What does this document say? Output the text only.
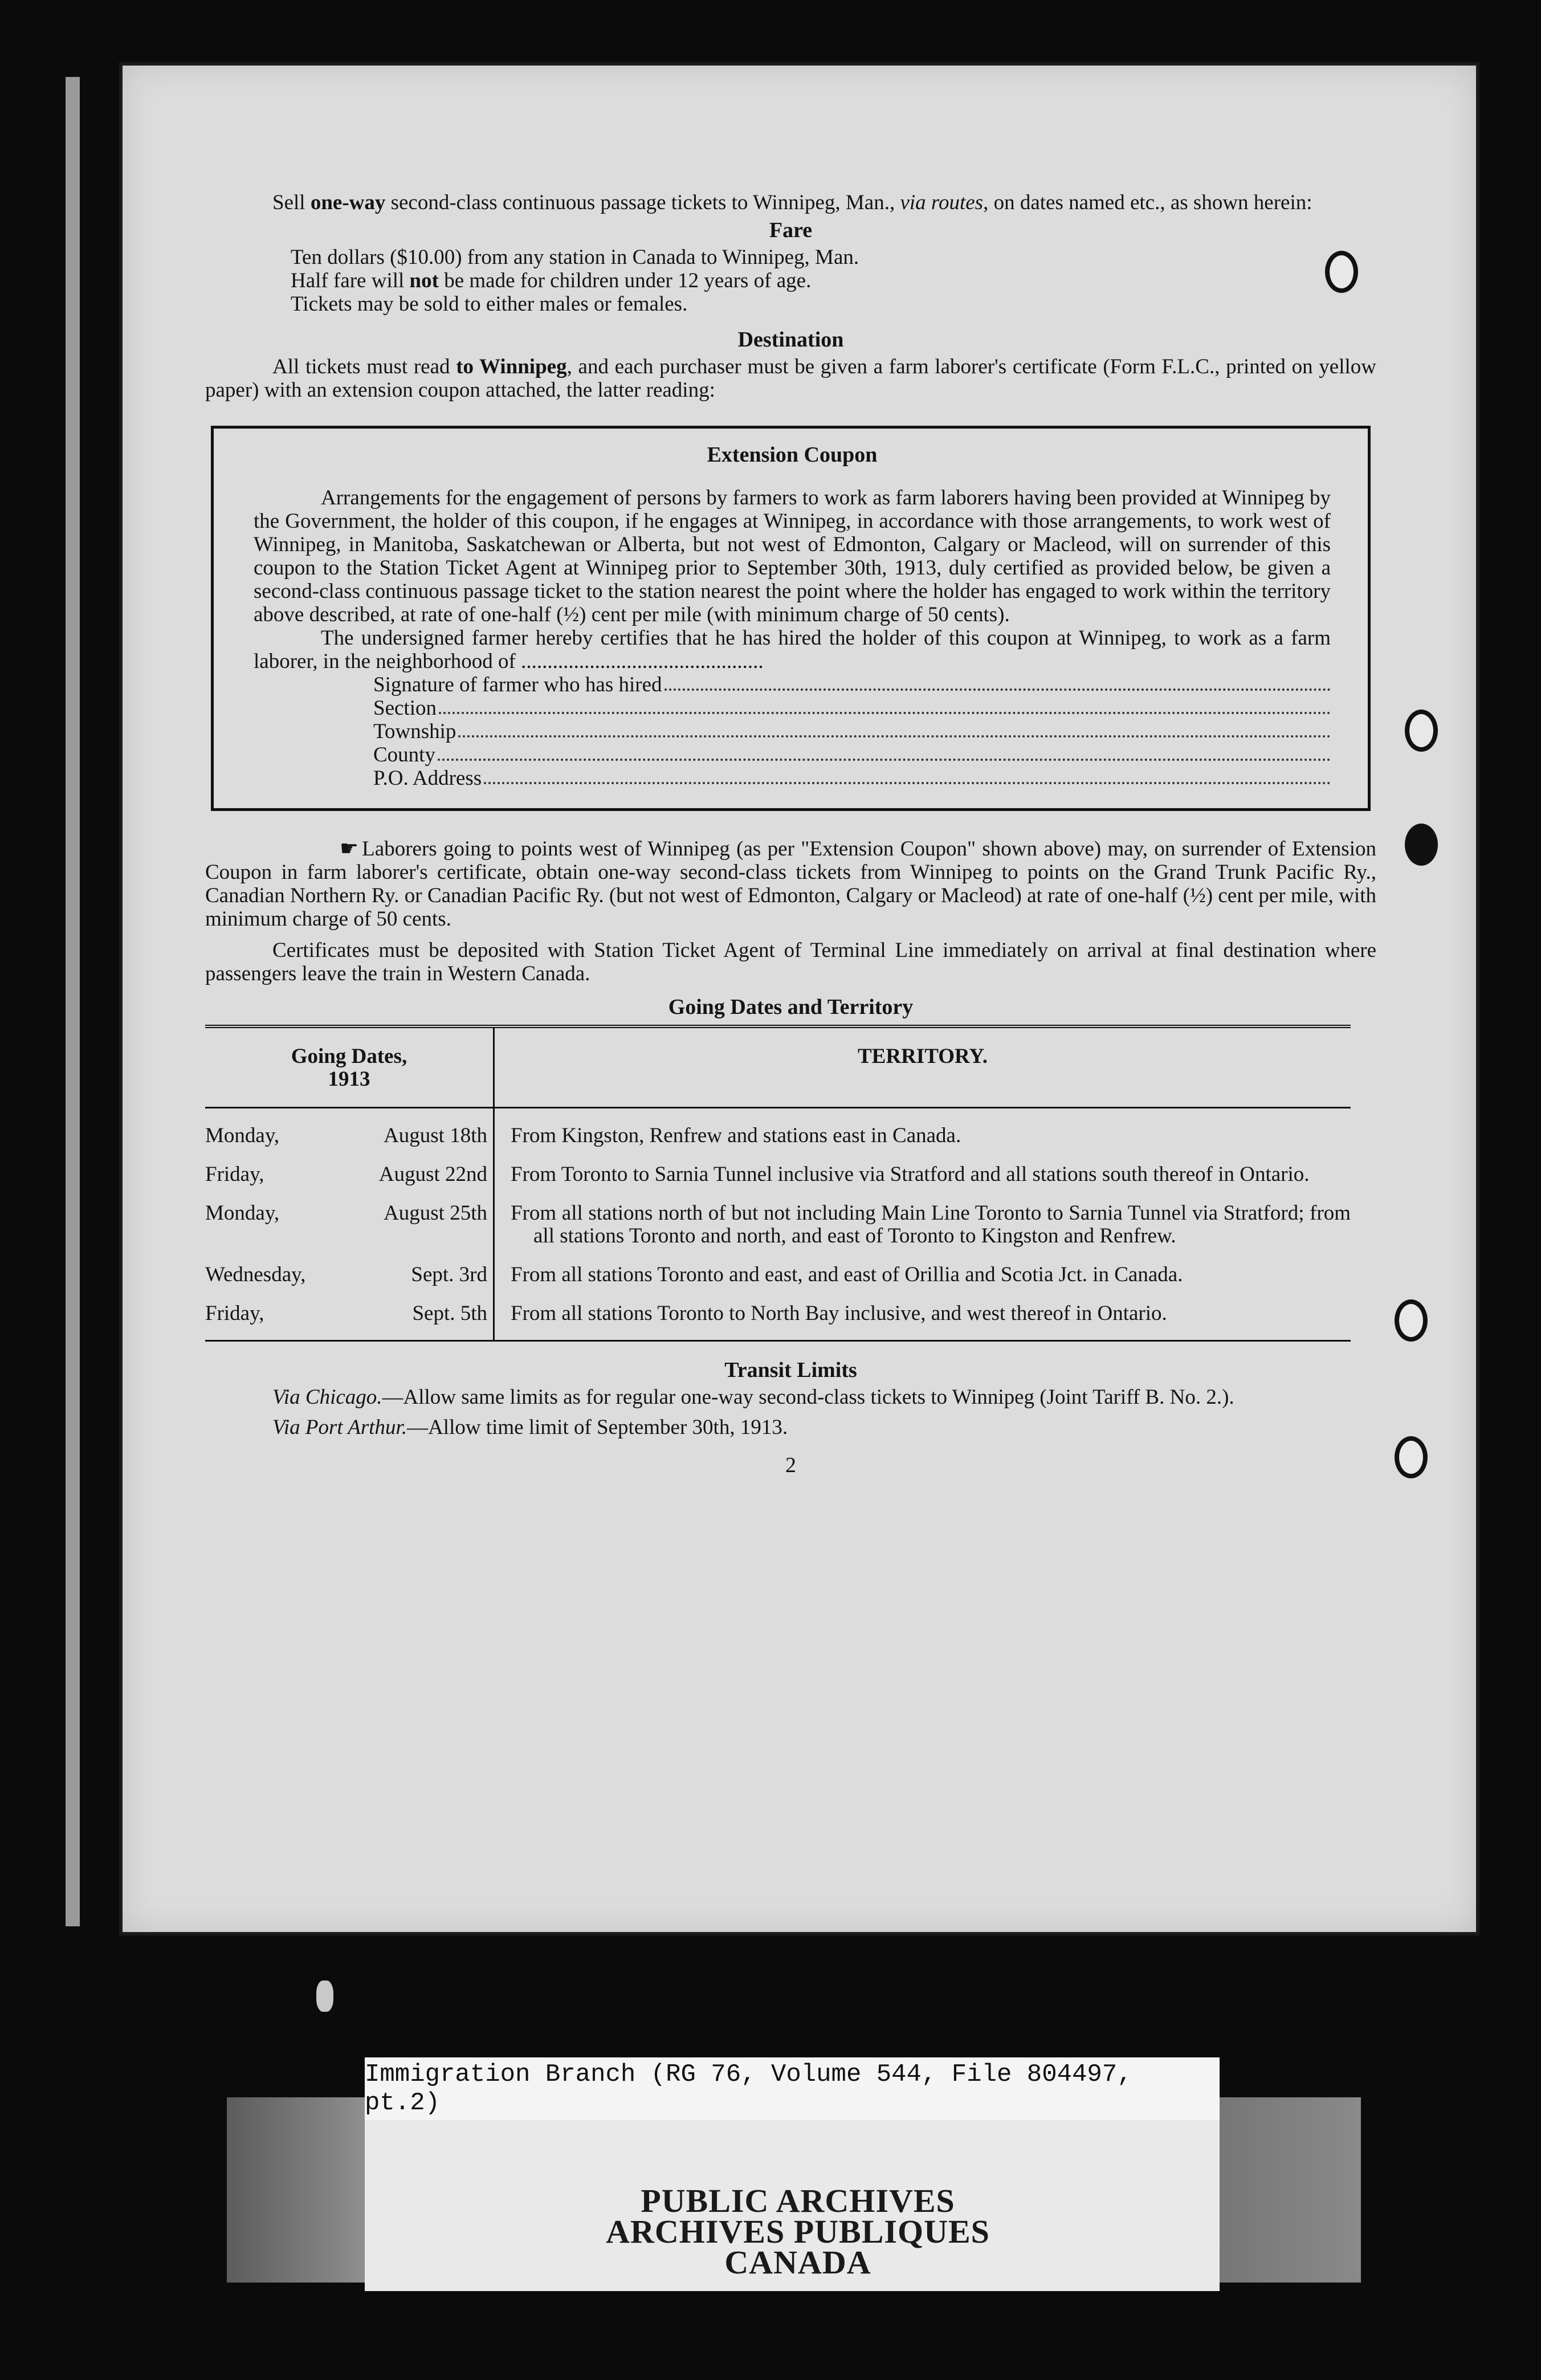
Sell one-way second-class continuous passage tickets to Winnipeg, Man., via routes, on dates named etc., as shown herein:

Fare

Ten dollars ($10.00) from any station in Canada to Winnipeg, Man.

Half fare will not be made for children under 12 years of age.

Tickets may be sold to either males or females.

Destination

All tickets must read to Winnipeg, and each purchaser must be given a farm laborer's certificate (Form F.L.C., printed on yellow paper) with an extension coupon attached, the latter reading:

Extension Coupon

Arrangements for the engagement of persons by farmers to work as farm laborers having been provided at Winnipeg by the Government, the holder of this coupon, if he engages at Winnipeg, in accordance with those arrangements, to work west of Winnipeg, in Manitoba, Saskatchewan or Alberta, but not west of Edmonton, Calgary or Macleod, will on surrender of this coupon to the Station Ticket Agent at Winnipeg prior to September 30th, 1913, duly certified as provided below, be given a second-class continuous passage ticket to the station nearest the point where the holder has engaged to work within the territory above described, at rate of one-half (½) cent per mile (with minimum charge of 50 cents).

The undersigned farmer hereby certifies that he has hired the holder of this coupon at Winnipeg, to work as a farm laborer, in the neighborhood of ..............................................

Signature of farmer who has hired
Section
Township
County
P.O. Address

☛ Laborers going to points west of Winnipeg (as per "Extension Coupon" shown above) may, on surrender of Extension Coupon in farm laborer's certificate, obtain one-way second-class tickets from Winnipeg to points on the Grand Trunk Pacific Ry., Canadian Northern Ry. or Canadian Pacific Ry. (but not west of Edmonton, Calgary or Macleod) at rate of one-half (½) cent per mile, with minimum charge of 50 cents.

Certificates must be deposited with Station Ticket Agent of Terminal Line immediately on arrival at final destination where passengers leave the train in Western Canada.

Going Dates and Territory

Going Dates,
1913		TERRITORY.
Monday,	August 18th	From Kingston, Renfrew and stations east in Canada.

Friday,	August 22nd	From Toronto to Sarnia Tunnel inclusive via Stratford and all stations south thereof in Ontario.

Monday,	August 25th	From all stations north of but not including Main Line Toronto to Sarnia Tunnel via Stratford; from all stations Toronto and north, and east of Toronto to Kingston and Renfrew.

Wednesday,	Sept. 3rd	From all stations Toronto and east, and east of Orillia and Scotia Jct. in Canada.

Friday,	Sept. 5th	From all stations Toronto to North Bay inclusive, and west thereof in Ontario.

Transit Limits

Via Chicago.—Allow same limits as for regular one-way second-class tickets to Winnipeg (Joint Tariff B. No. 2.).

Via Port Arthur.—Allow time limit of September 30th, 1913.

2

Immigration Branch (RG 76, Volume 544, File 804497, pt.2)
PUBLIC ARCHIVES
ARCHIVES PUBLIQUES
CANADA
